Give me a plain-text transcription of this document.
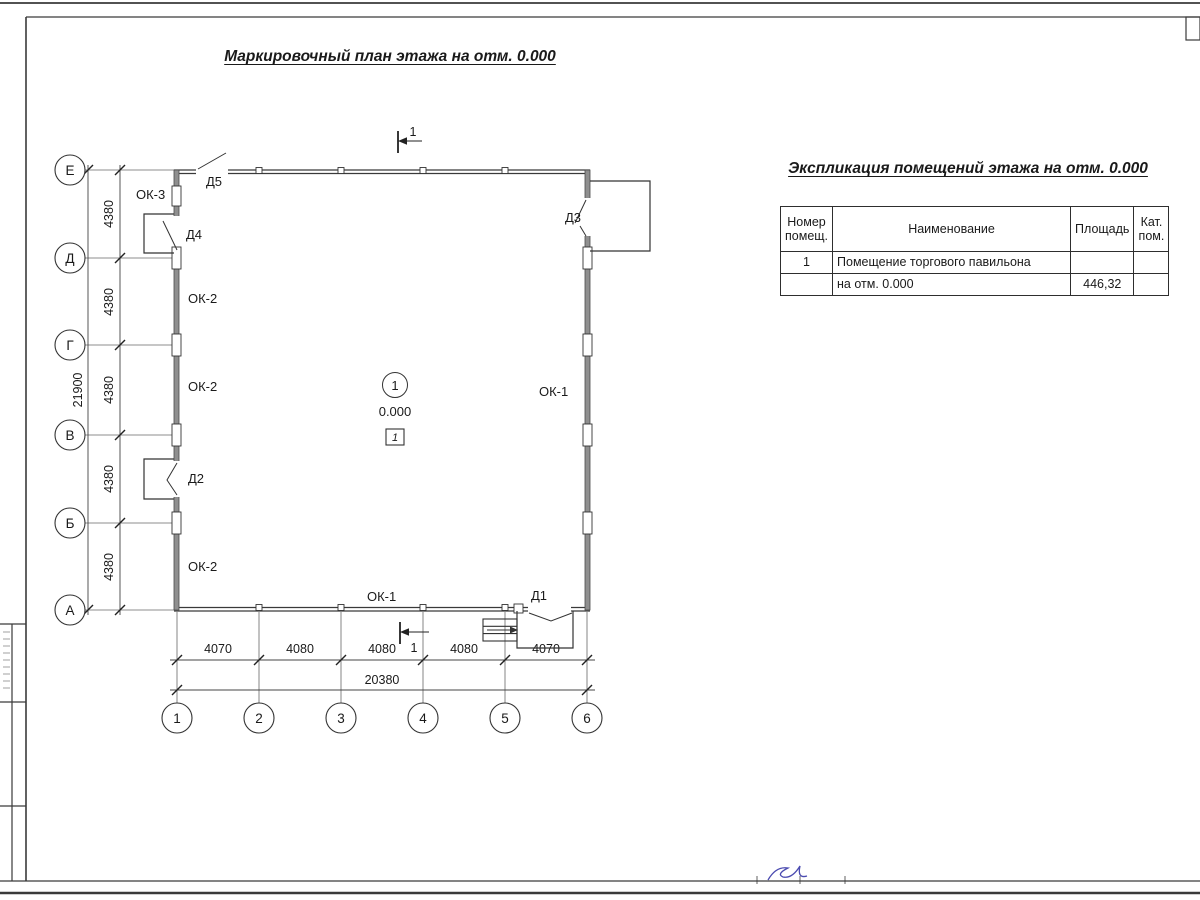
4380
4380
4380
4380
4380
21900
4070	4080	4080	4080	4070
20380
Е
Д
Г
В
Б
А
1	2	3	4	5	6
1
1
1
0.000
1
ОК-3
Д5
Д4
ОК-2
ОК-2
Д2
ОК-2
Д3
ОК-1
ОК-1	Д1
Маркировочный план этажа на отм. 0.000
Экспликация помещений этажа на отм. 0.000
Номер помещ.	Наименование	Площадь	Кат. пом.
1	Помещение торгового павильона		
	на отм. 0.000	446,32	
